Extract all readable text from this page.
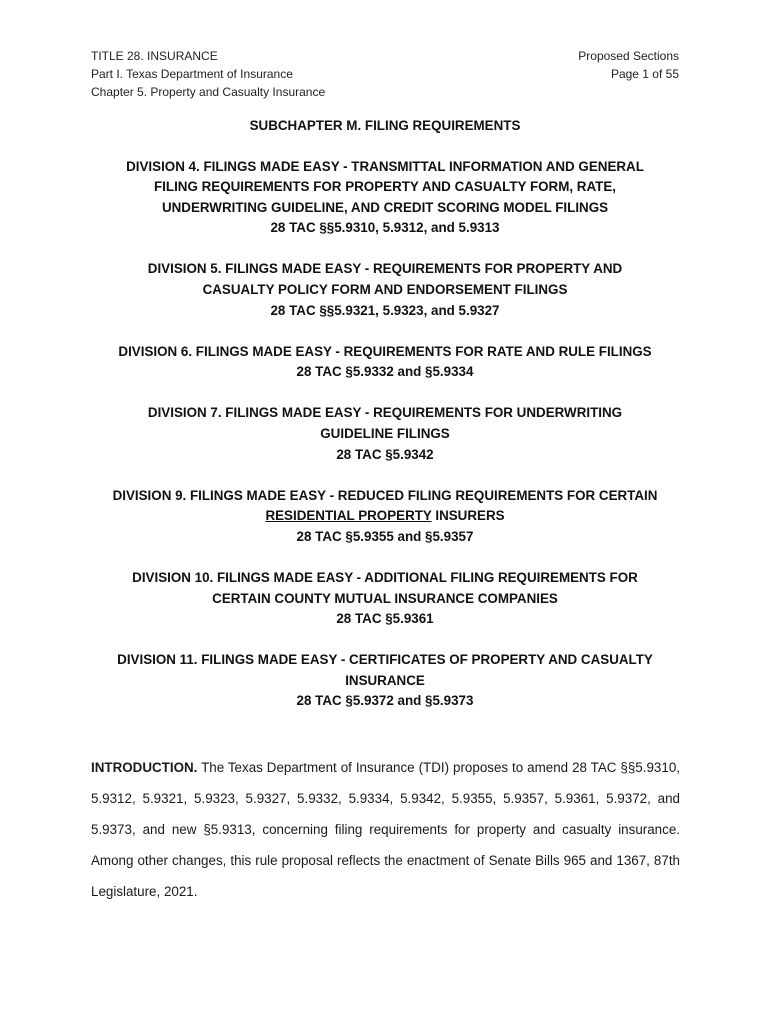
TITLE 28. INSURANCE
Part I. Texas Department of Insurance
Chapter 5. Property and Casualty Insurance
Proposed Sections
Page 1 of 55

SUBCHAPTER M. FILING REQUIREMENTS

DIVISION 4. FILINGS MADE EASY - TRANSMITTAL INFORMATION AND GENERAL

FILING REQUIREMENTS FOR PROPERTY AND CASUALTY FORM, RATE,

UNDERWRITING GUIDELINE, AND CREDIT SCORING MODEL FILINGS

28 TAC §§5.9310, 5.9312, and 5.9313

DIVISION 5. FILINGS MADE EASY - REQUIREMENTS FOR PROPERTY AND

CASUALTY POLICY FORM AND ENDORSEMENT FILINGS

28 TAC §§5.9321, 5.9323, and 5.9327

DIVISION 6. FILINGS MADE EASY - REQUIREMENTS FOR RATE AND RULE FILINGS

28 TAC §5.9332 and §5.9334

DIVISION 7. FILINGS MADE EASY - REQUIREMENTS FOR UNDERWRITING

GUIDELINE FILINGS

28 TAC §5.9342

DIVISION 9. FILINGS MADE EASY - REDUCED FILING REQUIREMENTS FOR CERTAIN

RESIDENTIAL PROPERTY INSURERS

28 TAC §5.9355 and §5.9357

DIVISION 10. FILINGS MADE EASY - ADDITIONAL FILING REQUIREMENTS FOR

CERTAIN COUNTY MUTUAL INSURANCE COMPANIES

28 TAC §5.9361

DIVISION 11. FILINGS MADE EASY - CERTIFICATES OF PROPERTY AND CASUALTY

INSURANCE

28 TAC §5.9372 and §5.9373

INTRODUCTION. The Texas Department of Insurance (TDI) proposes to amend 28 TAC §§5.9310, 5.9312, 5.9321, 5.9323, 5.9327, 5.9332, 5.9334, 5.9342, 5.9355, 5.9357, 5.9361, 5.9372, and 5.9373, and new §5.9313, concerning filing requirements for property and casualty insurance. Among other changes, this rule proposal reflects the enactment of Senate Bills 965 and 1367, 87th Legislature, 2021.
